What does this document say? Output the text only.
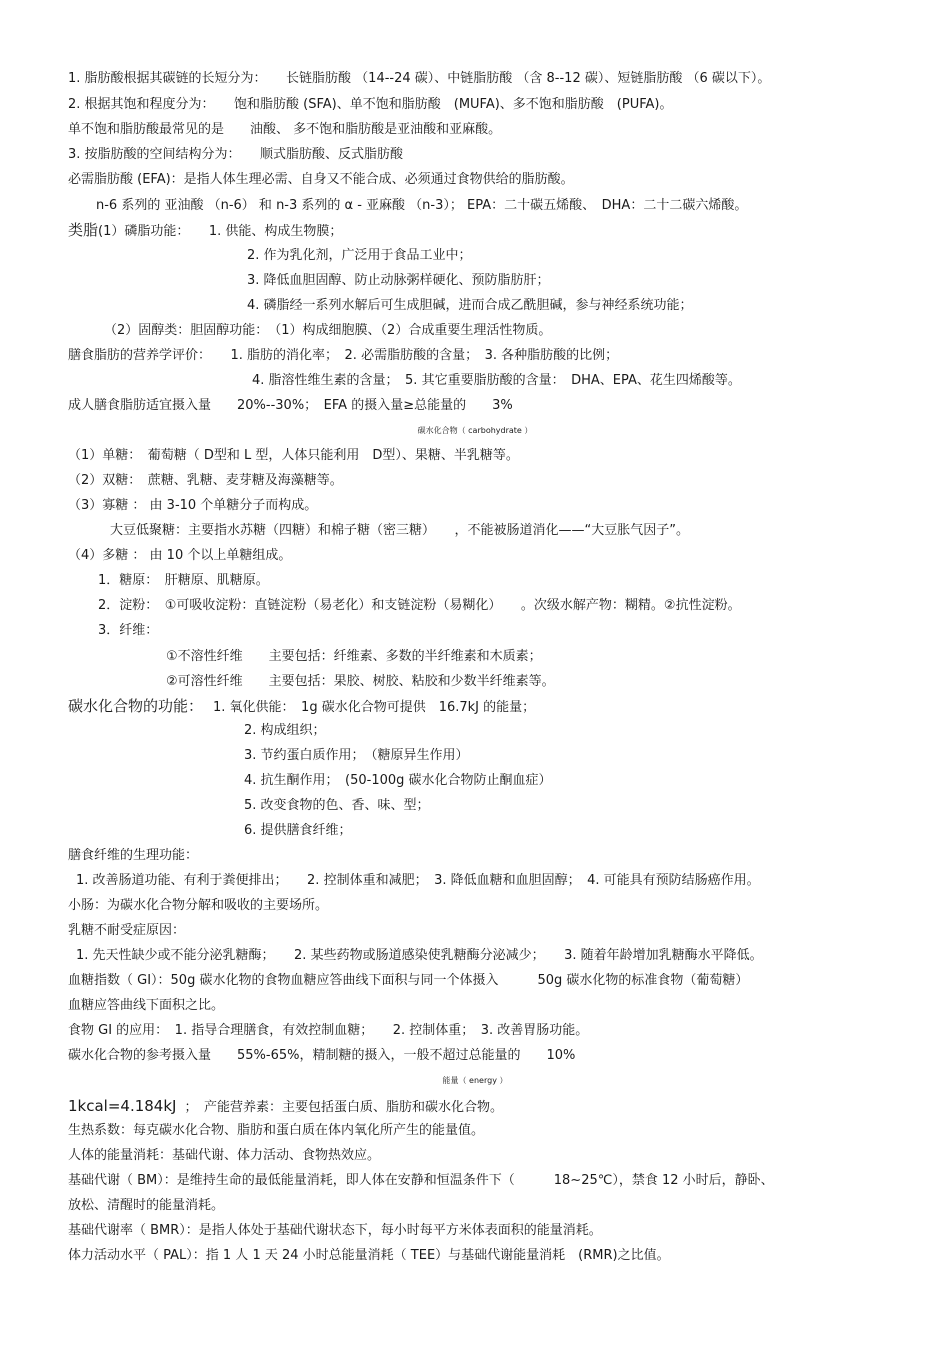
1. 脂肪酸根据其碳链的长短分为：　　长链脂肪酸 （14--24 碳）、中链脂肪酸 （含 8--12 碳）、短链脂肪酸 （6 碳以下）。
2. 根据其饱和程度分为：　　饱和脂肪酸 (SFA)、单不饱和脂肪酸　(MUFA)、多不饱和脂肪酸　(PUFA)。
单不饱和脂肪酸最常见的是　　油酸、 多不饱和脂肪酸是亚油酸和亚麻酸。
3. 按脂肪酸的空间结构分为：　　顺式脂肪酸、反式脂肪酸
必需脂肪酸 (EFA)：是指人体生理必需、自身又不能合成、必须通过食物供给的脂肪酸。
n-6 系列的 亚油酸 （n-6） 和 n-3 系列的 α - 亚麻酸 （n-3）； EPA：二十碳五烯酸、　DHA：二十二碳六烯酸。
类脂(1）磷脂功能：　　1. 供能、构成生物膜；
2. 作为乳化剂，广泛用于食品工业中；
3. 降低血胆固醇、防止动脉粥样硬化、预防脂肪肝；
4. 磷脂经一系列水解后可生成胆碱，进而合成乙酰胆碱，参与神经系统功能；
（2）固醇类：胆固醇功能：　（1）构成细胞膜、（2）合成重要生理活性物质。
膳食脂肪的营养学评价：　　1. 脂肪的消化率；　2. 必需脂肪酸的含量；　3. 各种脂肪酸的比例；
4. 脂溶性维生素的含量；　5. 其它重要脂肪酸的含量：　DHA、EPA、花生四烯酸等。
成人膳食脂肪适宜摄入量　　20%--30%；　EFA 的摄入量≥总能量的　　3%
碳水化合物（ carbohydrate ）
（1）单糖：　葡萄糖（ D型和 L 型，人体只能利用　D型）、果糖、半乳糖等。
（2）双糖：　蔗糖、乳糖、麦芽糖及海藻糖等。
（3）寡糖 ： 由 3-10 个单糖分子而构成。
大豆低聚糖：主要指水苏糖（四糖）和棉子糖（密三糖）　　，不能被肠道消化——“大豆胀气因子”。
（4）多糖 ： 由 10 个以上单糖组成。
1．糖原：　肝糖原、肌糖原。
2．淀粉：　①可吸收淀粉：直链淀粉（易老化）和支链淀粉（易糊化）　　。次级水解产物：糊精。②抗性淀粉。
3．纤维：
①不溶性纤维　　主要包括：纤维素、多数的半纤维素和木质素；
②可溶性纤维　　主要包括：果胶、树胶、粘胶和少数半纤维素等。
碳水化合物的功能： 1. 氧化供能：　1g 碳水化合物可提供　16.7kJ 的能量；
2. 构成组织；
3. 节约蛋白质作用；　（糖原异生作用）
4. 抗生酮作用；　(50-100g 碳水化合物防止酮血症）
5. 改变食物的色、香、味、型；
6. 提供膳食纤维；
膳食纤维的生理功能：
1. 改善肠道功能、有利于粪便排出；　　2. 控制体重和减肥；　3. 降低血糖和血胆固醇；　4. 可能具有预防结肠癌作用。
小肠：为碳水化合物分解和吸收的主要场所。
乳糖不耐受症原因：
1. 先天性缺少或不能分泌乳糖酶；　　2. 某些药物或肠道感染使乳糖酶分泌减少；　　3. 随着年龄增加乳糖酶水平降低。
血糖指数（ GI）：50g 碳水化物的食物血糖应答曲线下面积与同一个体摄入　　　50g 碳水化物的标准食物（葡萄糖）
血糖应答曲线下面积之比。
食物 GI 的应用：　1. 指导合理膳食，有效控制血糖；　　2. 控制体重；　3. 改善胃肠功能。
碳水化合物的参考摄入量　　55%-65%，精制糖的摄入，一般不超过总能量的　　10%
能量（ energy ）
1kcal=4.184kJ ；　产能营养素：主要包括蛋白质、脂肪和碳水化合物。
生热系数：每克碳水化合物、脂肪和蛋白质在体内氧化所产生的能量值。
人体的能量消耗：基础代谢、体力活动、食物热效应。
基础代谢（ BM）：是维持生命的最低能量消耗，即人体在安静和恒温条件下（　　　18~25℃），禁食 12 小时后，静卧、
放松、清醒时的能量消耗。
基础代谢率（ BMR）：是指人体处于基础代谢状态下，每小时每平方米体表面积的能量消耗。
体力活动水平（ PAL）：指 1 人 1 天 24 小时总能量消耗（ TEE）与基础代谢能量消耗　(RMR)之比值。
